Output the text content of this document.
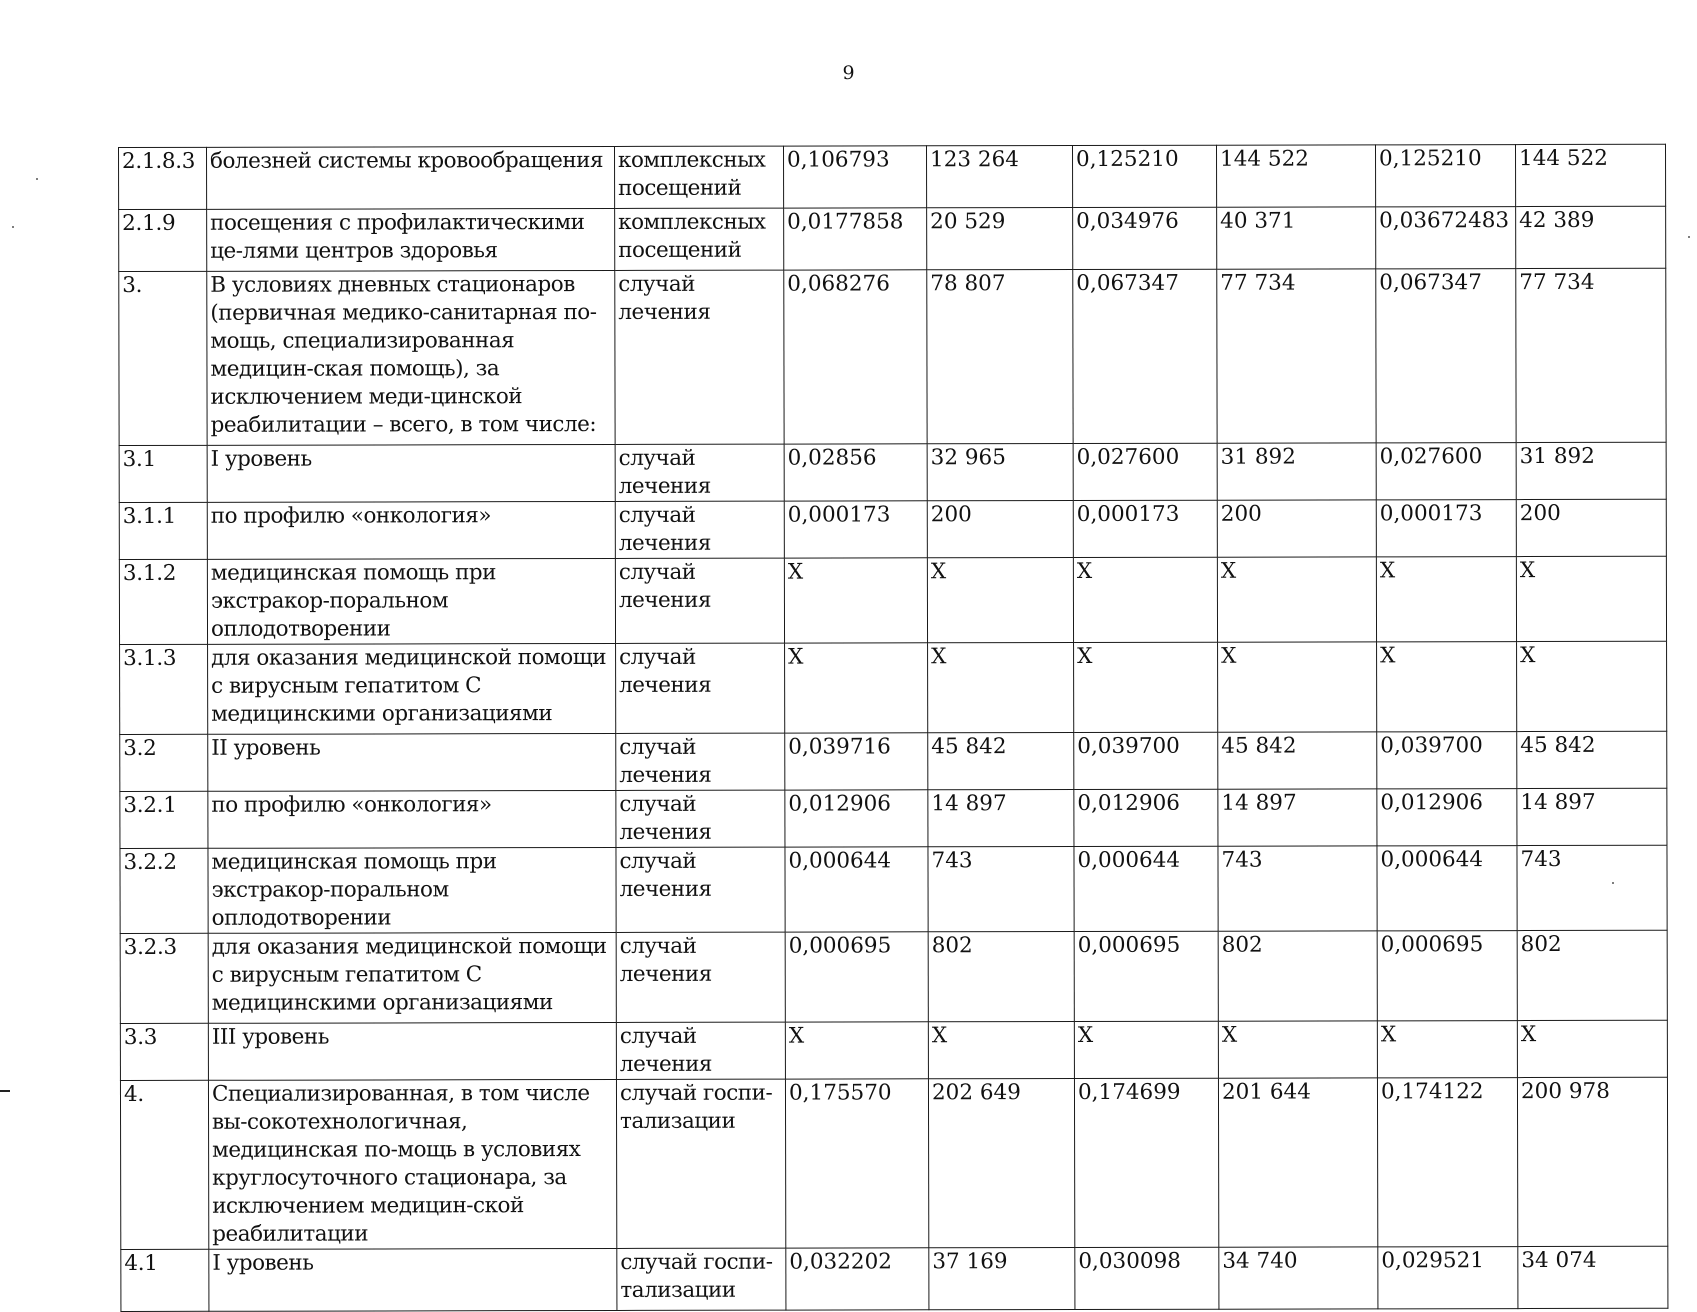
9
2.1.8.3	болезней системы кровообращения	комплексных посещений	0,106793	123 264	0,125210	144 522	0,125210	144 522
2.1.9	посещения с профилактическими це-лями центров здоровья	комплексных посещений	0,0177858	20 529	0,034976	40 371	0,03672483	42 389
3.	В условиях дневных стационаров (первичная медико-санитарная по-мощь, специализированная медицин-ская помощь), за исключением меди-цинской реабилитации – всего, в том числе:	случай лечения	0,068276	78 807	0,067347	77 734	0,067347	77 734
3.1	I уровень	случай лечения	0,02856	32 965	0,027600	31 892	0,027600	31 892
3.1.1	по профилю «онкология»	случай лечения	0,000173	200	0,000173	200	0,000173	200
3.1.2	медицинская помощь при экстракор-поральном оплодотворении	случай лечения	X	X	X	X	X	X
3.1.3	для оказания медицинской помощи с вирусным гепатитом С медицинскими организациями	случай лечения	X	X	X	X	X	X
3.2	II уровень	случай лечения	0,039716	45 842	0,039700	45 842	0,039700	45 842
3.2.1	по профилю «онкология»	случай лечения	0,012906	14 897	0,012906	14 897	0,012906	14 897
3.2.2	медицинская помощь при экстракор-поральном оплодотворении	случай лечения	0,000644	743	0,000644	743	0,000644	743
3.2.3	для оказания медицинской помощи с вирусным гепатитом С медицинскими организациями	случай лечения	0,000695	802	0,000695	802	0,000695	802
3.3	III уровень	случай лечения	X	X	X	X	X	X
4.	Специализированная, в том числе вы-сокотехнологичная, медицинская по-мощь в условиях круглосуточного стационара, за исключением медицин-ской реабилитации	случай госпи-тализации	0,175570	202 649	0,174699	201 644	0,174122	200 978
4.1	I уровень	случай госпи-тализации	0,032202	37 169	0,030098	34 740	0,029521	34 074
